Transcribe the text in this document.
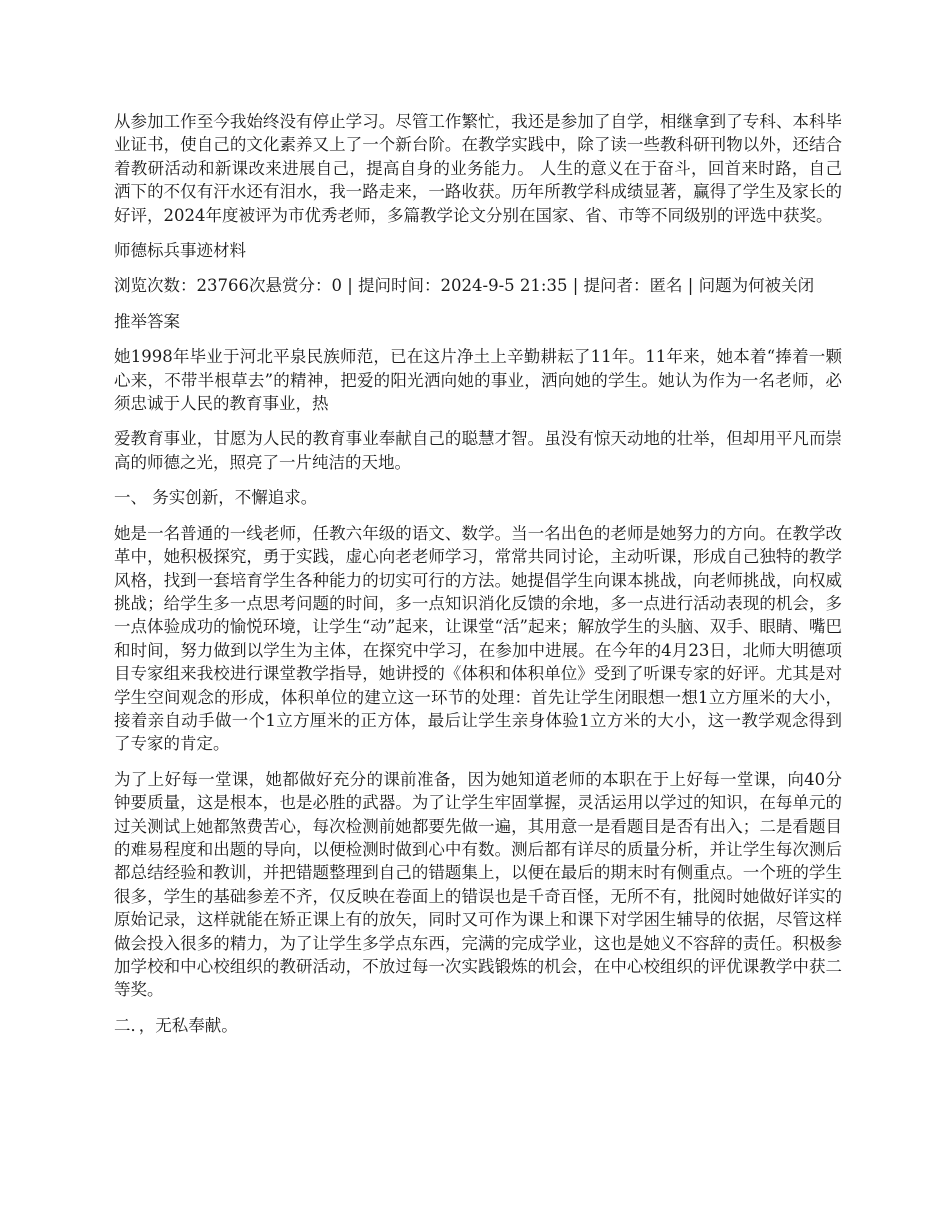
从参加工作至今我始终没有停止学习。尽管工作繁忙，我还是参加了自学，相继拿到了专科、本科毕业证书，使自己的文化素养又上了一个新台阶。在教学实践中，除了读一些教科研刊物以外，还结合着教研活动和新课改来进展自己，提高自身的业务能力。 人生的意义在于奋斗，回首来时路，自己洒下的不仅有汗水还有泪水，我一路走来，一路收获。历年所教学科成绩显著，赢得了学生及家长的好评，2024年度被评为市优秀老师，多篇教学论文分别在国家、省、市等不同级别的评选中获奖。

师德标兵事迹材料

浏览次数：23766次悬赏分：0 | 提问时间：2024-9-5 21:35 | 提问者：匿名 | 问题为何被关闭

推举答案

她1998年毕业于河北平泉民族师范，已在这片净土上辛勤耕耘了11年。11年来，她本着“捧着一颗心来，不带半根草去”的精神，把爱的阳光洒向她的事业，洒向她的学生。她认为作为一名老师，必须忠诚于人民的教育事业，热

爱教育事业，甘愿为人民的教育事业奉献自己的聪慧才智。虽没有惊天动地的壮举，但却用平凡而崇高的师德之光，照亮了一片纯洁的天地。

一、 务实创新，不懈追求。

她是一名普通的一线老师，任教六年级的语文、数学。当一名出色的老师是她努力的方向。在教学改革中，她积极探究，勇于实践，虚心向老老师学习，常常共同讨论，主动听课，形成自己独特的教学风格，找到一套培育学生各种能力的切实可行的方法。她提倡学生向课本挑战，向老师挑战，向权威挑战；给学生多一点思考问题的时间，多一点知识消化反馈的余地，多一点进行活动表现的机会，多一点体验成功的愉悦环境，让学生“动”起来，让课堂“活”起来；解放学生的头脑、双手、眼睛、嘴巴和时间，努力做到以学生为主体，在探究中学习，在参加中进展。在今年的4月23日，北师大明德项目专家组来我校进行课堂教学指导，她讲授的《体积和体积单位》受到了听课专家的好评。尤其是对学生空间观念的形成，体积单位的建立这一环节的处理：首先让学生闭眼想一想1立方厘米的大小，接着亲自动手做一个1立方厘米的正方体，最后让学生亲身体验1立方米的大小，这一教学观念得到了专家的肯定。

为了上好每一堂课，她都做好充分的课前准备，因为她知道老师的本职在于上好每一堂课，向40分钟要质量，这是根本，也是必胜的武器。为了让学生牢固掌握，灵活运用以学过的知识，在每单元的过关测试上她都煞费苦心，每次检测前她都要先做一遍，其用意一是看题目是否有出入；二是看题目的难易程度和出题的导向，以便检测时做到心中有数。测后都有详尽的质量分析，并让学生每次测后都总结经验和教训，并把错题整理到自己的错题集上，以便在最后的期末时有侧重点。一个班的学生很多，学生的基础参差不齐，仅反映在卷面上的错误也是千奇百怪，无所不有，批阅时她做好详实的原始记录，这样就能在矫正课上有的放矢，同时又可作为课上和课下对学困生辅导的依据，尽管这样做会投入很多的精力，为了让学生多学点东西，完满的完成学业，这也是她义不容辞的责任。积极参加学校和中心校组织的教研活动，不放过每一次实践锻炼的机会，在中心校组织的评优课教学中获二等奖。

二．，无私奉献。
